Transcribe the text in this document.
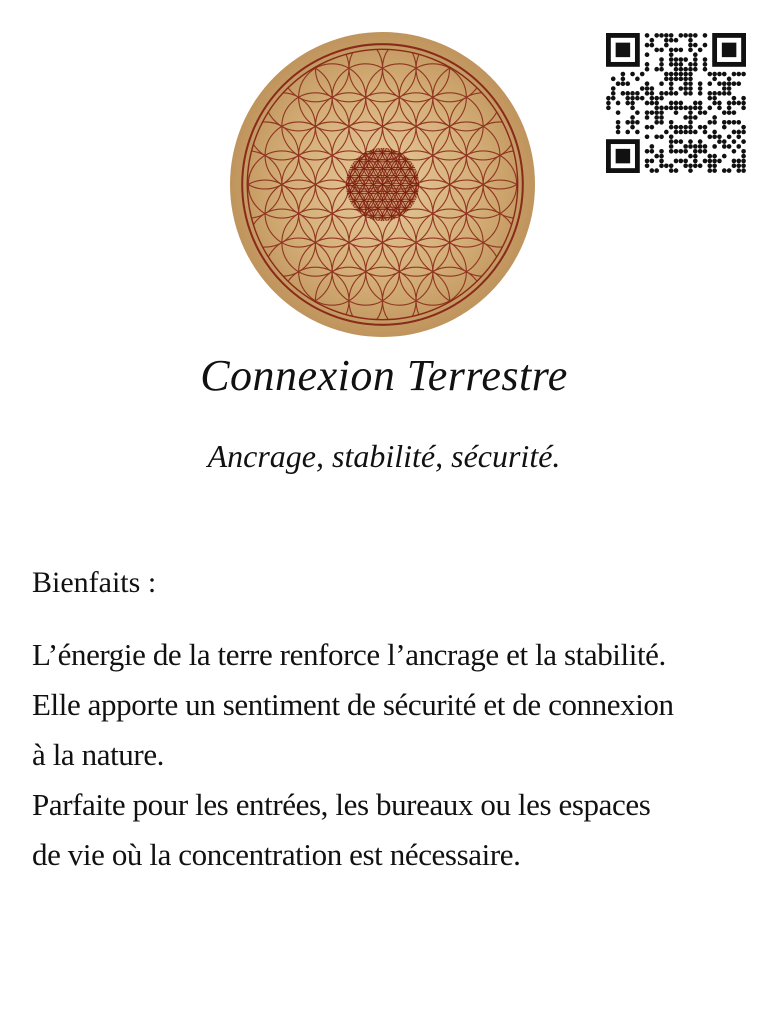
Connexion Terrestre
Ancrage, stabilité, sécurité.
Bienfaits :

L’énergie de la terre renforce l’ancrage et la stabilité.

Elle apporte un sentiment de sécurité et de connexion

à la nature.

Parfaite pour les entrées, les bureaux ou les espaces

de vie où la concentration est nécessaire.
